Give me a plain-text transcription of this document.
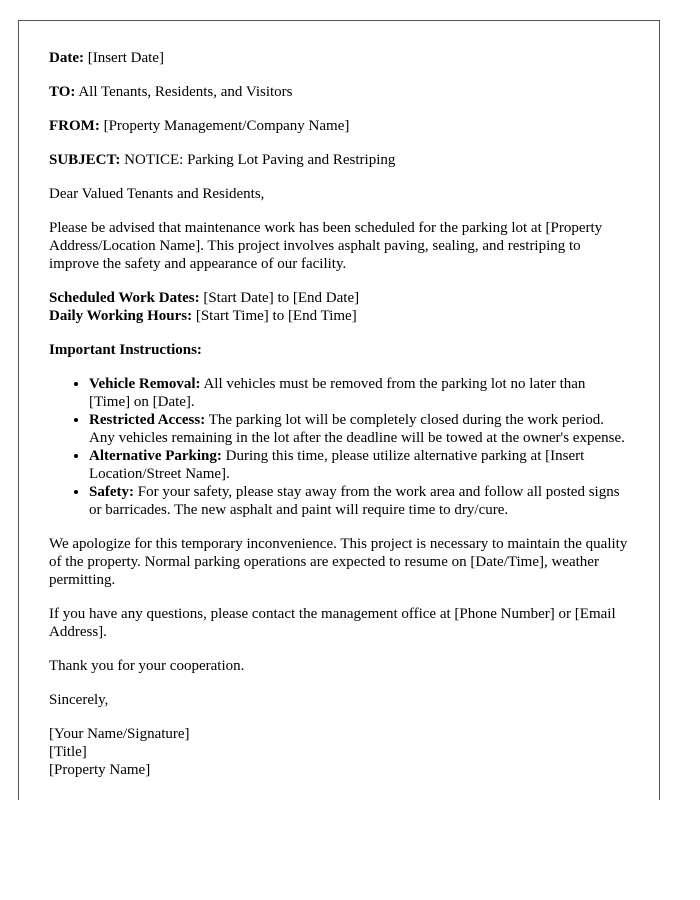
Date: [Insert Date]

TO: All Tenants, Residents, and Visitors

FROM: [Property Management/Company Name]

SUBJECT: NOTICE: Parking Lot Paving and Restriping

Dear Valued Tenants and Residents,

Please be advised that maintenance work has been scheduled for the parking lot at [Property Address/Location Name]. This project involves asphalt paving, sealing, and restriping to improve the safety and appearance of our facility.

Scheduled Work Dates: [Start Date] to [End Date]

Daily Working Hours: [Start Time] to [End Time]

Important Instructions:

• Vehicle Removal: All vehicles must be removed from the parking lot no later than [Time] on [Date].
• Restricted Access: The parking lot will be completely closed during the work period. Any vehicles remaining in the lot after the deadline will be towed at the owner's expense.
• Alternative Parking: During this time, please utilize alternative parking at [Insert Location/Street Name].
• Safety: For your safety, please stay away from the work area and follow all posted signs or barricades. The new asphalt and paint will require time to dry/cure.

We apologize for this temporary inconvenience. This project is necessary to maintain the quality of the property. Normal parking operations are expected to resume on [Date/Time], weather permitting.

If you have any questions, please contact the management office at [Phone Number] or [Email Address].

Thank you for your cooperation.

Sincerely,

[Your Name/Signature]

[Title]

[Property Name]
